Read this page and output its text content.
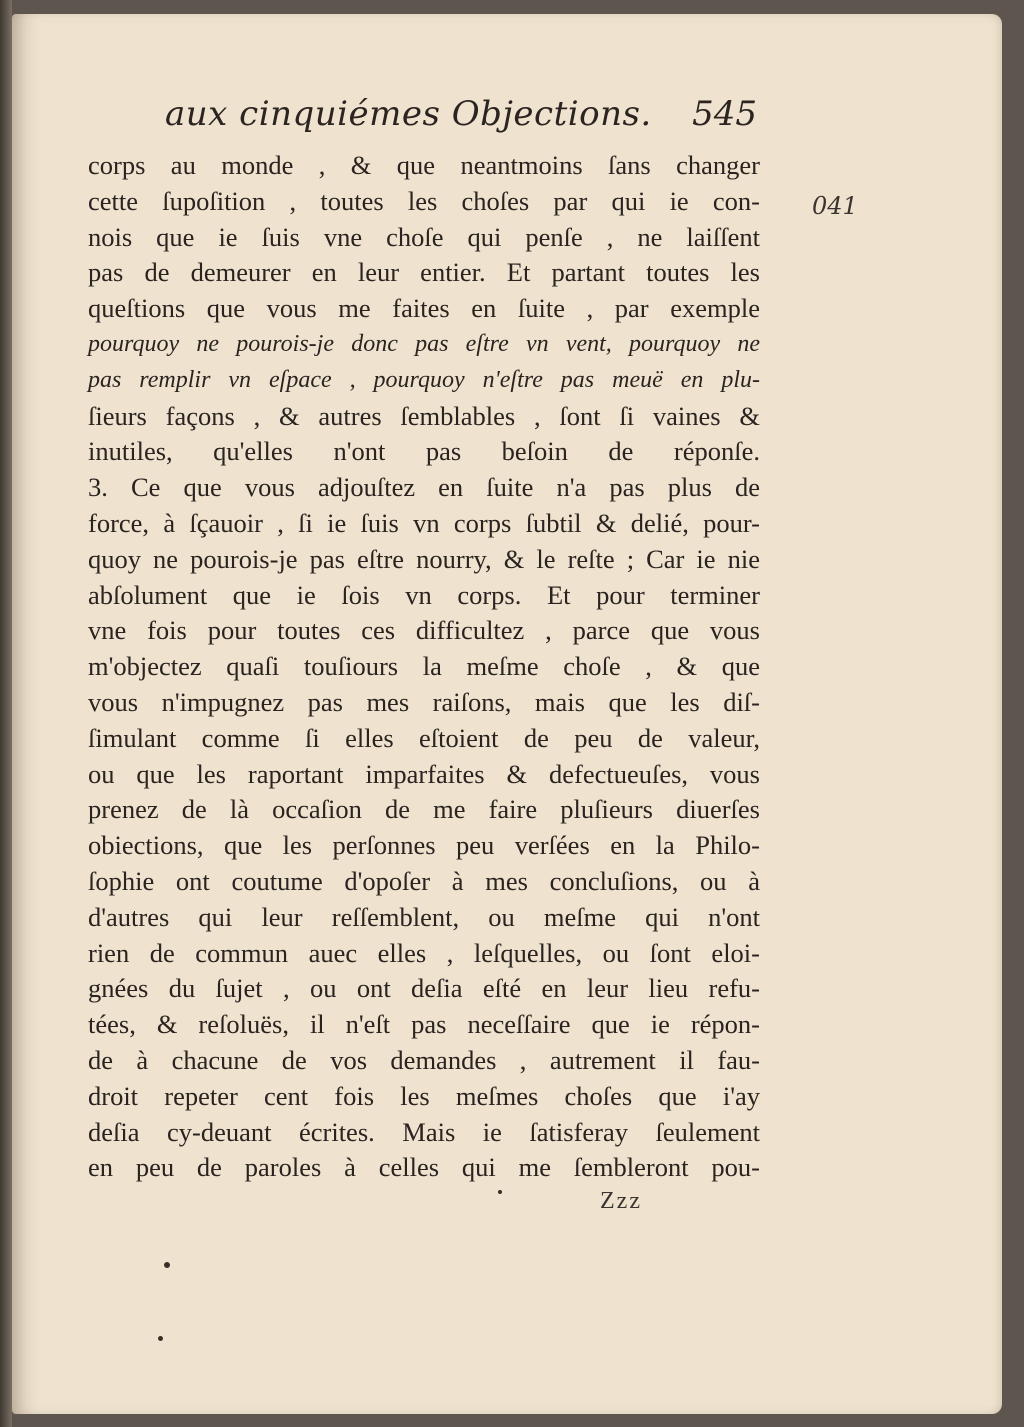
aux cinquiémes Objections. 545
041
corps au monde , & que neantmoins ſans changer
cette ſupoſition , toutes les choſes par qui ie con-
nois que ie ſuis vne choſe qui penſe , ne laiſſent
pas de demeurer en leur entier. Et partant toutes les
queſtions que vous me faites en ſuite , par exemple
pourquoy ne pourois-je donc pas eſtre vn vent, pourquoy ne
pas remplir vn eſpace , pourquoy n'eſtre pas meuë en plu-
ſieurs façons , & autres ſemblables , ſont ſi vaines &
inutiles, qu'elles n'ont pas beſoin de réponſe.
3. Ce que vous adjouſtez en ſuite n'a pas plus de
force, à ſçauoir , ſi ie ſuis vn corps ſubtil & delié, pour-
quoy ne pourois-je pas eſtre nourry, & le reſte ; Car ie nie
abſolument que ie ſois vn corps. Et pour terminer
vne fois pour toutes ces difficultez , parce que vous
m'objectez quaſi touſiours la meſme choſe , & que
vous n'impugnez pas mes raiſons, mais que les diſ-
ſimulant comme ſi elles eſtoient de peu de valeur,
ou que les raportant imparfaites & defectueuſes, vous
prenez de là occaſion de me faire pluſieurs diuerſes
obiections, que les perſonnes peu verſées en la Philo-
ſophie ont coutume d'opoſer à mes concluſions, ou à
d'autres qui leur reſſemblent, ou meſme qui n'ont
rien de commun auec elles , leſquelles, ou ſont eloi-
gnées du ſujet , ou ont deſia eſté en leur lieu refu-
tées, & reſoluës, il n'eſt pas neceſſaire que ie répon-
de à chacune de vos demandes , autrement il fau-
droit repeter cent fois les meſmes choſes que i'ay
deſia cy-deuant écrites. Mais ie ſatisferay ſeulement
en peu de paroles à celles qui me ſembleront pou-
Zzz
